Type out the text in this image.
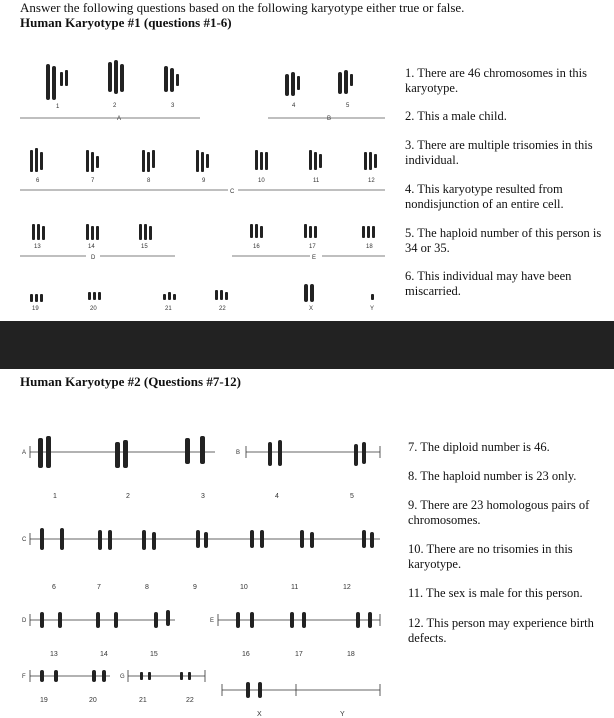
Answer the following questions based on the following karyotype either true or false.
Human Karyotype #1 (questions #1-6)
1	2	3	4	5
A	B
6	7	8	9	10	11	12
C
13	14	15	16	17	18
D	E
19	20	21	22	X	Y
1. There are 46 chromosomes in this karyotype.
2. This a male child.
3. There are multiple trisomies in this individual.
4. This karyotype resulted from nondisjunction of an entire cell.
5. The haploid number of this person is 34 or 35.
6. This individual may have been miscarried.
Human Karyotype #2 (Questions #7-12)
A	B
1	2	3	4	5
C
6	7	8	9	10	11	12
D	E
13	14	15	16	17	18
F	G
19	20	21	22
X	Y
7. The diploid number is 46.
8. The haploid number is 23 only.
9. There are 23 homologous pairs of chromosomes.
10. There are no trisomies in this karyotype.
11. The sex is male for this person.
12. This person may experience birth defects.
